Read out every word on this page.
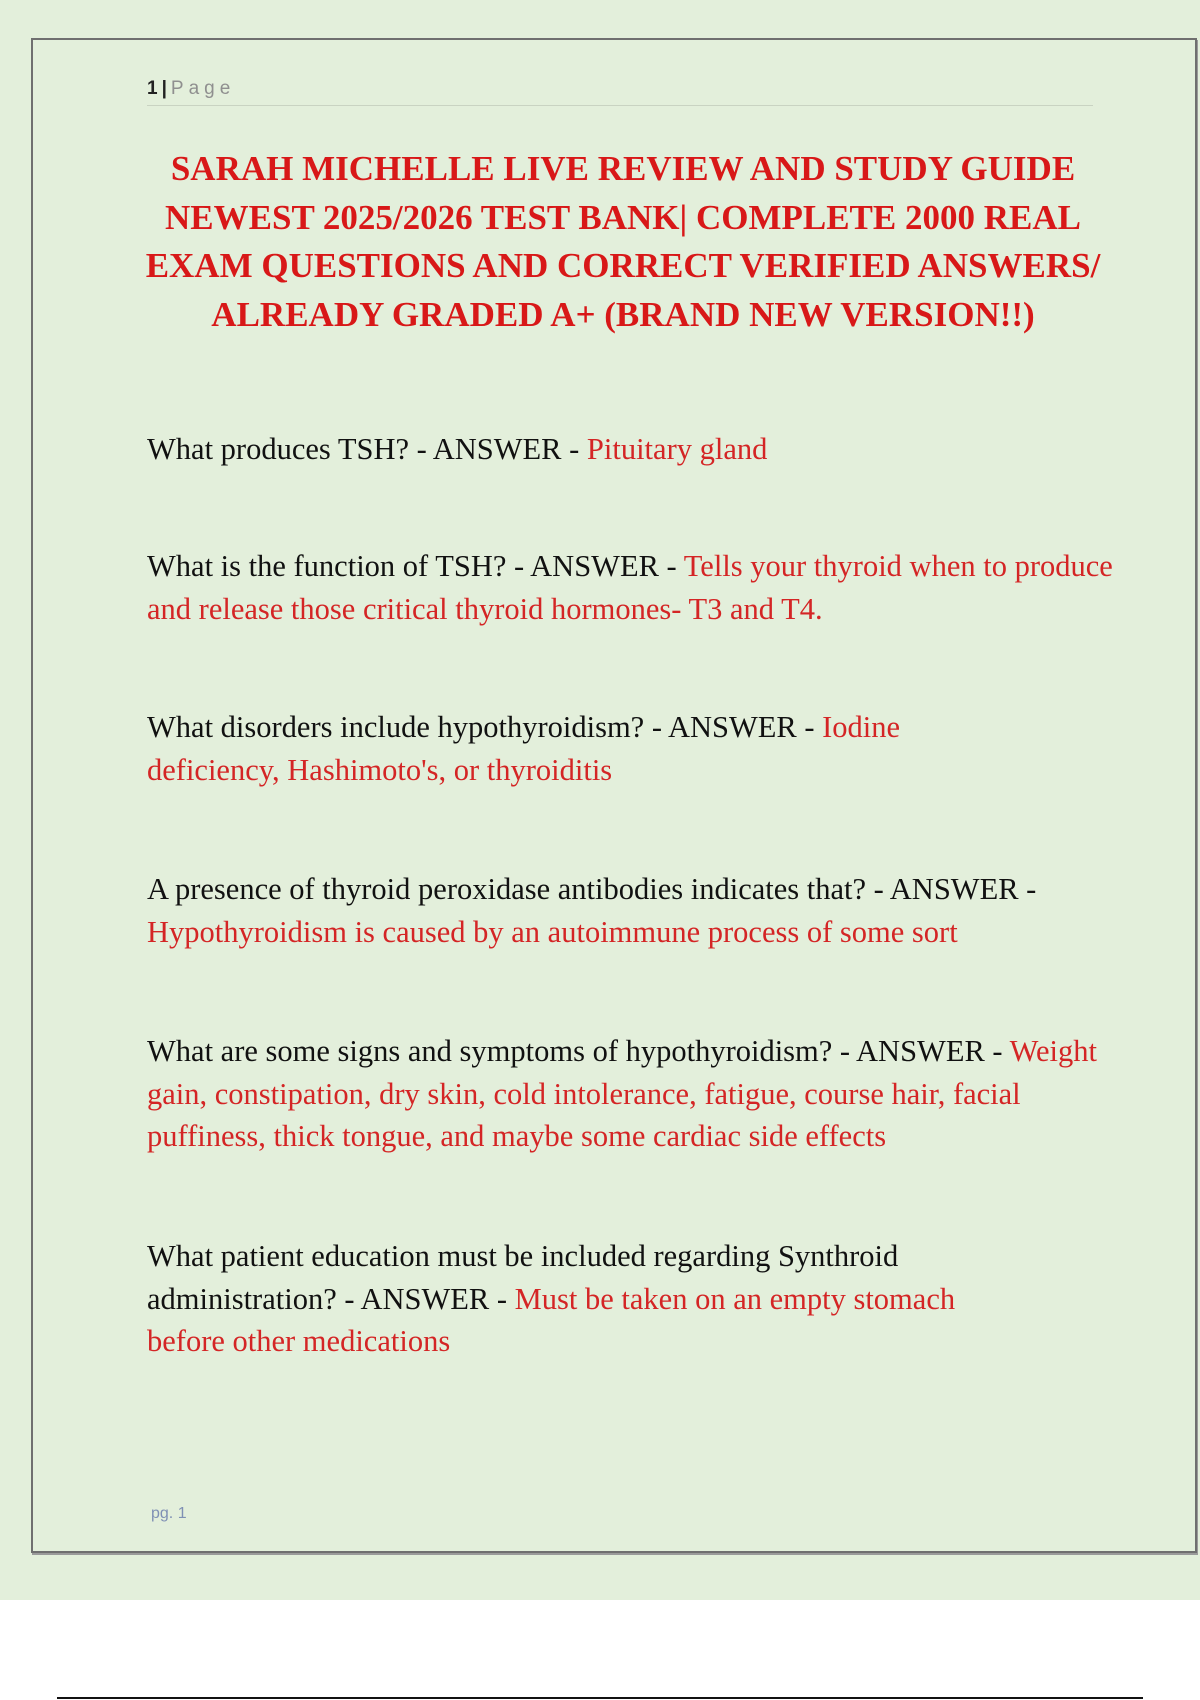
1 | Page
SARAH MICHELLE LIVE REVIEW AND STUDY GUIDE NEWEST 2025/2026 TEST BANK| COMPLETE 2000 REAL EXAM QUESTIONS AND CORRECT VERIFIED ANSWERS/ ALREADY GRADED A+ (BRAND NEW VERSION!!)

What produces TSH? - ANSWER - Pituitary gland

What is the function of TSH? - ANSWER - Tells your thyroid when to produce and release those critical thyroid hormones- T3 and T4.

What disorders include hypothyroidism? - ANSWER - Iodine deficiency, Hashimoto's, or thyroiditis

A presence of thyroid peroxidase antibodies indicates that? - ANSWER - Hypothyroidism is caused by an autoimmune process of some sort

What are some signs and symptoms of hypothyroidism? - ANSWER - Weight gain, constipation, dry skin, cold intolerance, fatigue, course hair, facial puffiness, thick tongue, and maybe some cardiac side effects

What patient education must be included regarding Synthroid administration? - ANSWER - Must be taken on an empty stomach before other medications

pg. 1
